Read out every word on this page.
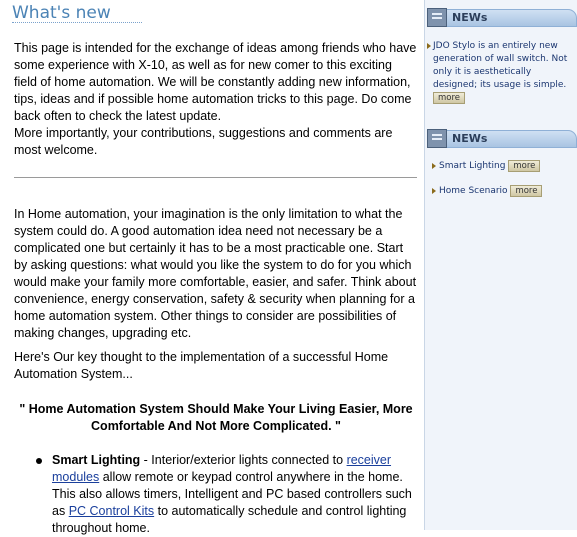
What's new

This page is intended for the exchange of ideas among friends who have some experience with X-10, as well as for new comer to this exciting field of home automation. We will be constantly adding new information, tips, ideas and if possible home automation tricks to this page. Do come back often to check the latest update.
More importantly, your contributions, suggestions and comments are most welcome.

In Home automation, your imagination is the only limitation to what the system could do. A good automation idea need not necessary be a complicated one but certainly it has to be a most practicable one. Start by asking questions: what would you like the system to do for you which would make your family more comfortable, easier, and safer. Think about convenience, energy conservation, safety & security when planning for a home automation system. Other things to consider are possibilities of making changes, upgrading etc.

Here's Our key thought to the implementation of a successful Home Automation System...

" Home Automation System Should Make Your Living Easier, More Comfortable And Not More Complicated. "

Smart Lighting - Interior/exterior lights connected to receiver modules allow remote or keypad control anywhere in the home. This also allows timers, Intelligent and PC based controllers such as PC Control Kits to automatically schedule and control lighting throughout home.
NEWs
JDO Stylo is an entirely new generation of wall switch. Not only it is aesthetically designed; its usage is simple.
more
NEWs
Smart Lighting more
Home Scenario more
